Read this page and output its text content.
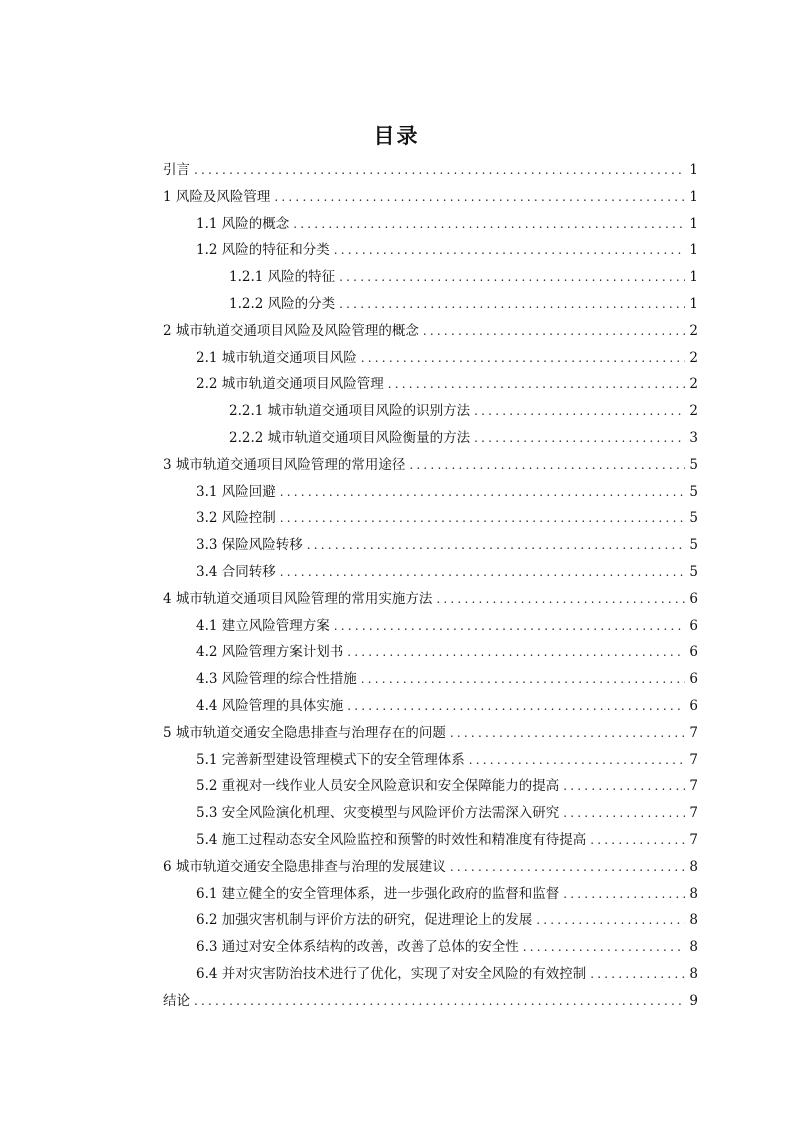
目录
引言 .....	1
1 风险及风险管理 .....	1
1.1 风险的概念 .....	1
1.2 风险的特征和分类 .....	1
1.2.1 风险的特征 .....	1
1.2.2 风险的分类 .....	1
2 城市轨道交通项目风险及风险管理的概念 .....	2
2.1 城市轨道交通项目风险 .....	2
2.2 城市轨道交通项目风险管理 .....	2
2.2.1 城市轨道交通项目风险的识别方法 .....	2
2.2.2 城市轨道交通项目风险衡量的方法 .....	3
3 城市轨道交通项目风险管理的常用途径 .....	5
3.1 风险回避 .....	5
3.2 风险控制 .....	5
3.3 保险风险转移 .....	5
3.4 合同转移 .....	5
4 城市轨道交通项目风险管理的常用实施方法 .....	6
4.1 建立风险管理方案 .....	6
4.2 风险管理方案计划书 .....	6
4.3 风险管理的综合性措施 .....	6
4.4 风险管理的具体实施 .....	6
5 城市轨道交通安全隐患排查与治理存在的问题 .....	7
5.1 完善新型建设管理模式下的安全管理体系 .....	7
5.2 重视对一线作业人员安全风险意识和安全保障能力的提高 .....	7
5.3 安全风险演化机理、灾变模型与风险评价方法需深入研究 .....	7
5.4 施工过程动态安全风险监控和预警的时效性和精准度有待提高 .....	7
6 城市轨道交通安全隐患排查与治理的发展建议 .....	8
6.1 建立健全的安全管理体系，进一步强化政府的监督和监督 .....	8
6.2 加强灾害机制与评价方法的研究，促进理论上的发展 .....	8
6.3 通过对安全体系结构的改善，改善了总体的安全性 .....	8
6.4 并对灾害防治技术进行了优化，实现了对安全风险的有效控制 .....	8
结论 .....	9
